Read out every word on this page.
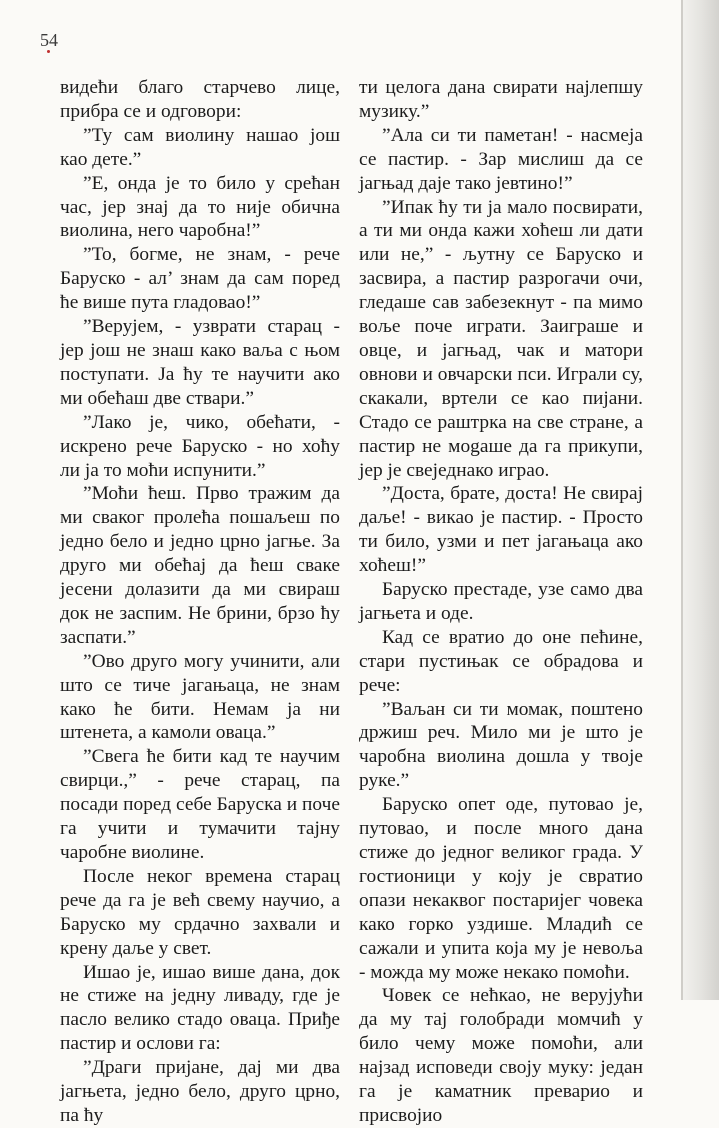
54

видећи благо старчево лице, прибра се и одговори:

”Ту сам виолину нашао још као дете.”

”Е, онда је то било у срећан час, јер знај да то није обична виолина, него чаробна!”

”То, богме, не знам, - рече Баруско - ал’ знам да сам поред ће више пута гладовао!”

”Верујем, - узврати старац - јер још не знаш како ваља с њом поступати. Ја ћу те научити ако ми обећаш две ствари.”

”Лако је, чико, обећати, - искрено рече Баруско - но хоћу ли ја то моћи испунити.”

”Моћи ћeш. Прво тражим да ми сваког пролећа пошаљеш по једно бело и једно црно јагње. За друго ми обећaj да ћeш сваке јесени долазити да ми свираш док не заспим. Не брини, брзо ћу заспати.”

”Ово друго могу учинити, али што се тиче јагањаца, не знам како ћe бити. Немам ја ни штенета, а камоли оваца.”

”Свега ћe бити кад те научим свирци.,” - рече старац, па посади поред себе Баруска и поче га учити и тумачити тајну чаробне виолине.

После неког времена старац рече да га је већ свему научио, а Баруско му срдачно захвали и крену даље у свет.

Ишао је, ишао више дана, док не стиже на једну ливаду, где је пасло велико стадо оваца. Приђе пастир и ослови га:

”Драги пријане, дај ми два јагњета, једно бело, друго црно, па ћу

ти целога дана свирати најлепшу музику.”

”Ала си ти паметан! - насмеја се пастир. - Зар мислиш да се јагњад даје тако јевтино!”

”Ипак ћу ти ја мало посвирати, а ти ми онда кажи хоћeш ли дати или не,” - љутну се Баруско и засвира, а пастир разрогачи очи, гледаше сав забезекнут - па мимо воље поче играти. Заиграше и овце, и јагњад, чак и матори овнови и овчарски пси. Играли су, скакали, вртели се као пијани. Стадо се раштрка на све стране, а пастир не мogaше да га прикупи, јер је свеједнако играо.

”Доста, брате, доста! Не свирај даље! - викао је пастир. - Просто ти било, узми и пет јагањаца ако хоћeш!”

Баруско престаде, узе само два јагњета и оде.

Кад се вратио до оне пећине, стари пустињак се обрадова и рече:

”Ваљан си ти момак, поштено држиш реч. Мило ми је што је чаробна виолина дошла у твоје руке.”

Баруско опет оде, путовао је, путовао, и после много дана стиже до једног великог града. У гостионици у коју је свратио опази некаквог постаријег човека како горко уздише. Младић се сажали и упита која му је невоља - можда му може некако помоћи.

Човек се нећкао, не веруjући да му тај голобради момчић у било чему може помоћи, али најзад исповеди своју муку: један га је каматник преварио и присвојио
